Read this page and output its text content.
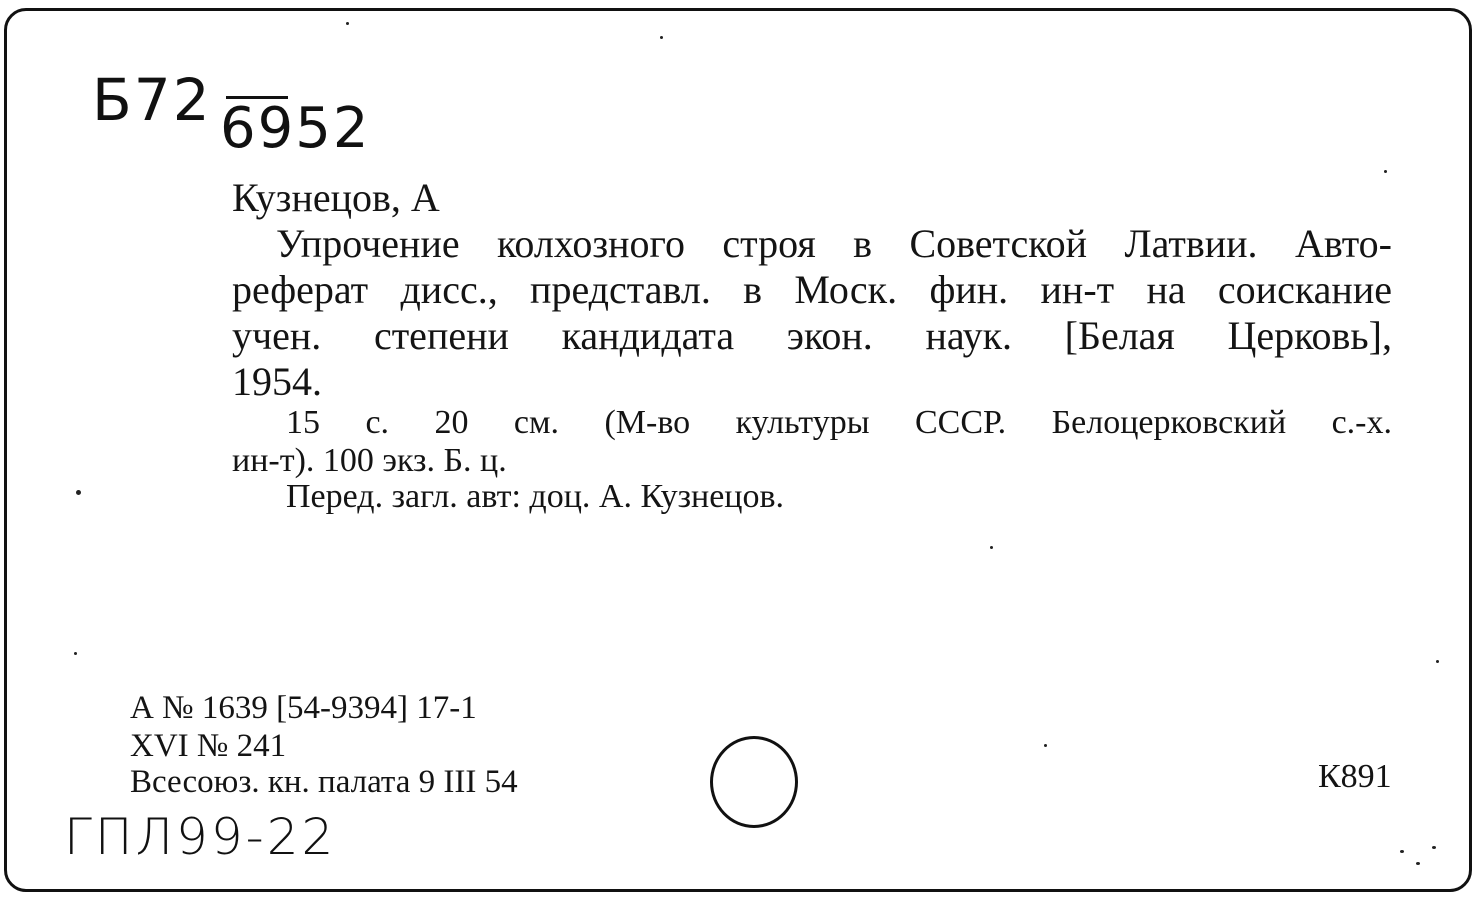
Б72 6952
Кузнецов, А
Упрочение колхозного строя в Советской Латвии. Авто-
реферат дисс., представл. в Моск. фин. ин-т на соискание
учен. степени кандидата экон. наук. [Белая Церковь],
1954.
15 с. 20 см. (М-во культуры СССР. Белоцерковский с.-х.
ин-т). 100 экз. Б. ц.
Перед. загл. авт: доц. А. Кузнецов.
А № 1639 [54-9394] 17-1
XVI № 241
Всесоюз. кн. палата 9 III 54	К891
ГПЛ99-22
